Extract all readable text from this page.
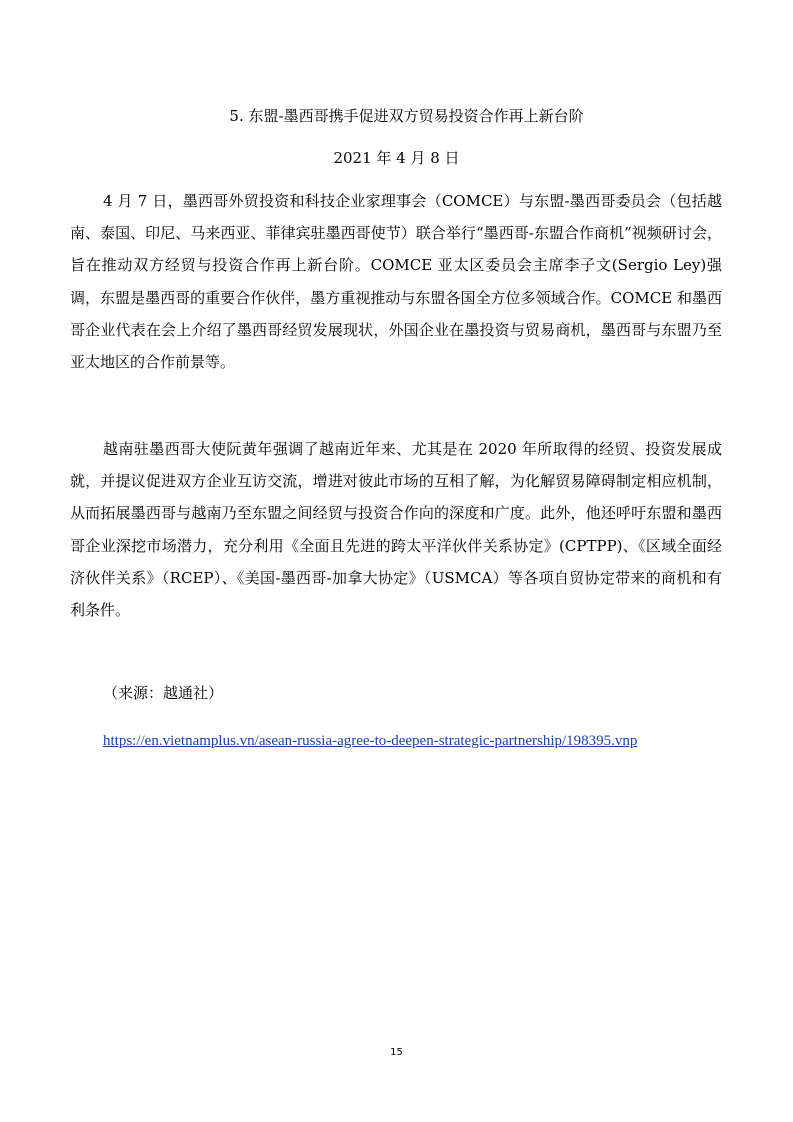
5. 东盟-墨西哥携手促进双方贸易投资合作再上新台阶
2021 年 4 月 8 日

4 月 7 日，墨西哥外贸投资和科技企业家理事会（COMCE）与东盟-墨西哥委员会（包括越南、泰国、印尼、马来西亚、菲律宾驻墨西哥使节）联合举行“墨西哥-东盟合作商机”视频研讨会，旨在推动双方经贸与投资合作再上新台阶。COMCE 亚太区委员会主席李子文(Sergio Ley)强调，东盟是墨西哥的重要合作伙伴，墨方重视推动与东盟各国全方位多领域合作。COMCE 和墨西哥企业代表在会上介绍了墨西哥经贸发展现状，外国企业在墨投资与贸易商机，墨西哥与东盟乃至亚太地区的合作前景等。

越南驻墨西哥大使阮黄年强调了越南近年来、尤其是在 2020 年所取得的经贸、投资发展成就，并提议促进双方企业互访交流，增进对彼此市场的互相了解，为化解贸易障碍制定相应机制，从而拓展墨西哥与越南乃至东盟之间经贸与投资合作向的深度和广度。此外，他还呼吁东盟和墨西哥企业深挖市场潜力，充分利用《全面且先进的跨太平洋伙伴关系协定》(CPTPP)、《区域全面经济伙伴关系》（RCEP）、《美国-墨西哥-加拿大协定》（USMCA）等各项自贸协定带来的商机和有利条件。

（来源：越通社）
https://en.vietnamplus.vn/asean-russia-agree-to-deepen-strategic-partnership/198395.vnp
15
